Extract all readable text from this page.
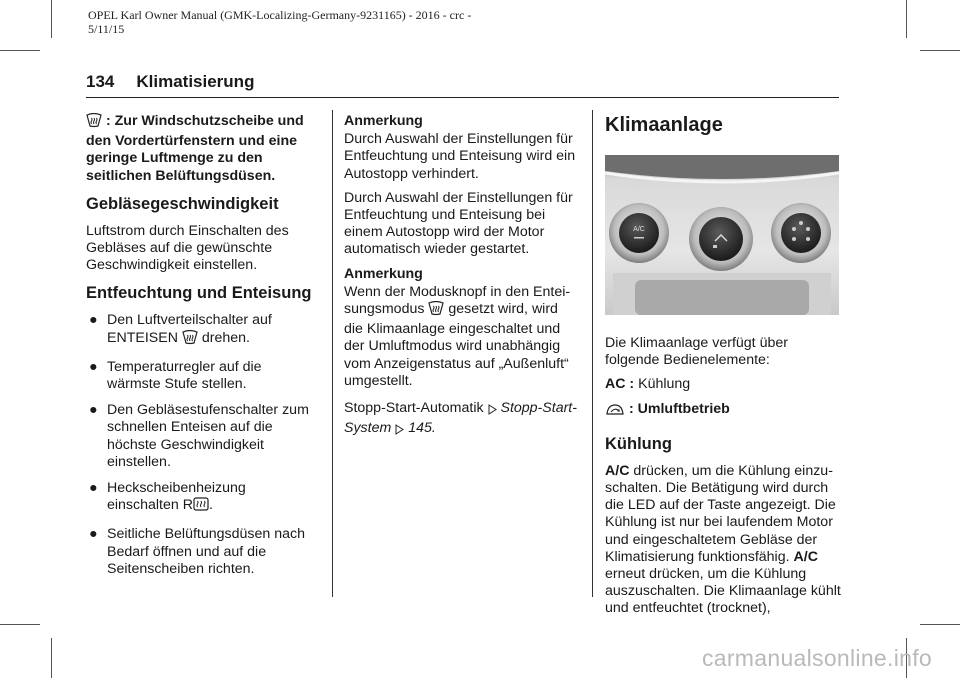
OPEL Karl Owner Manual (GMK-Localizing-Germany-9231165) - 2016 - crc -
5/11/15
134 Klimatisierung

: Zur Windschutzscheibe und den Vordertürfenstern und eine geringe Luftmenge zu den seitlichen Belüftungsdüsen.

Gebläsegeschwindigkeit

Luftstrom durch Einschalten des Gebläses auf die gewünschte Geschwindigkeit einstellen.

Entfeuchtung und Enteisung
● Den Luftverteilschalter auf ENTEISEN drehen.
● Temperaturregler auf die wärmste Stufe stellen.
● Den Gebläsestufenschalter zum schnellen Enteisen auf die höchste Geschwindigkeit einstellen.
● Heckscheibenheizung einschalten R .
● Seitliche Belüftungsdüsen nach Bedarf öffnen und auf die Seitenscheiben richten.
Anmerkung

Durch Auswahl der Einstellungen für Entfeuchtung und Enteisung wird ein Autostopp verhindert.

Durch Auswahl der Einstellungen für Entfeuchtung und Enteisung bei einem Autostopp wird der Motor automatisch wieder gestartet.

Anmerkung

Wenn der Modusknopf in den Enteisungsmodus gesetzt wird, wird die Klimaanlage eingeschaltet und der Umluftmodus wird unabhängig vom Anzeigenstatus auf „Außenluft“ umgestellt.

Stopp-Start-Automatik Stopp-Start-System 145.

Klimaanlage
A/C

Die Klimaanlage verfügt über folgende Bedienelemente:

AC : Kühlung

: Umluftbetrieb

Kühlung

A/C drücken, um die Kühlung einzuschalten. Die Betätigung wird durch die LED auf der Taste angezeigt. Die Kühlung ist nur bei laufendem Motor und eingeschaltetem Gebläse der Klimatisierung funktionsfähig. A/C erneut drücken, um die Kühlung auszuschalten. Die Klimaanlage kühlt und entfeuchtet (trocknet),

carmanualsonline.info
